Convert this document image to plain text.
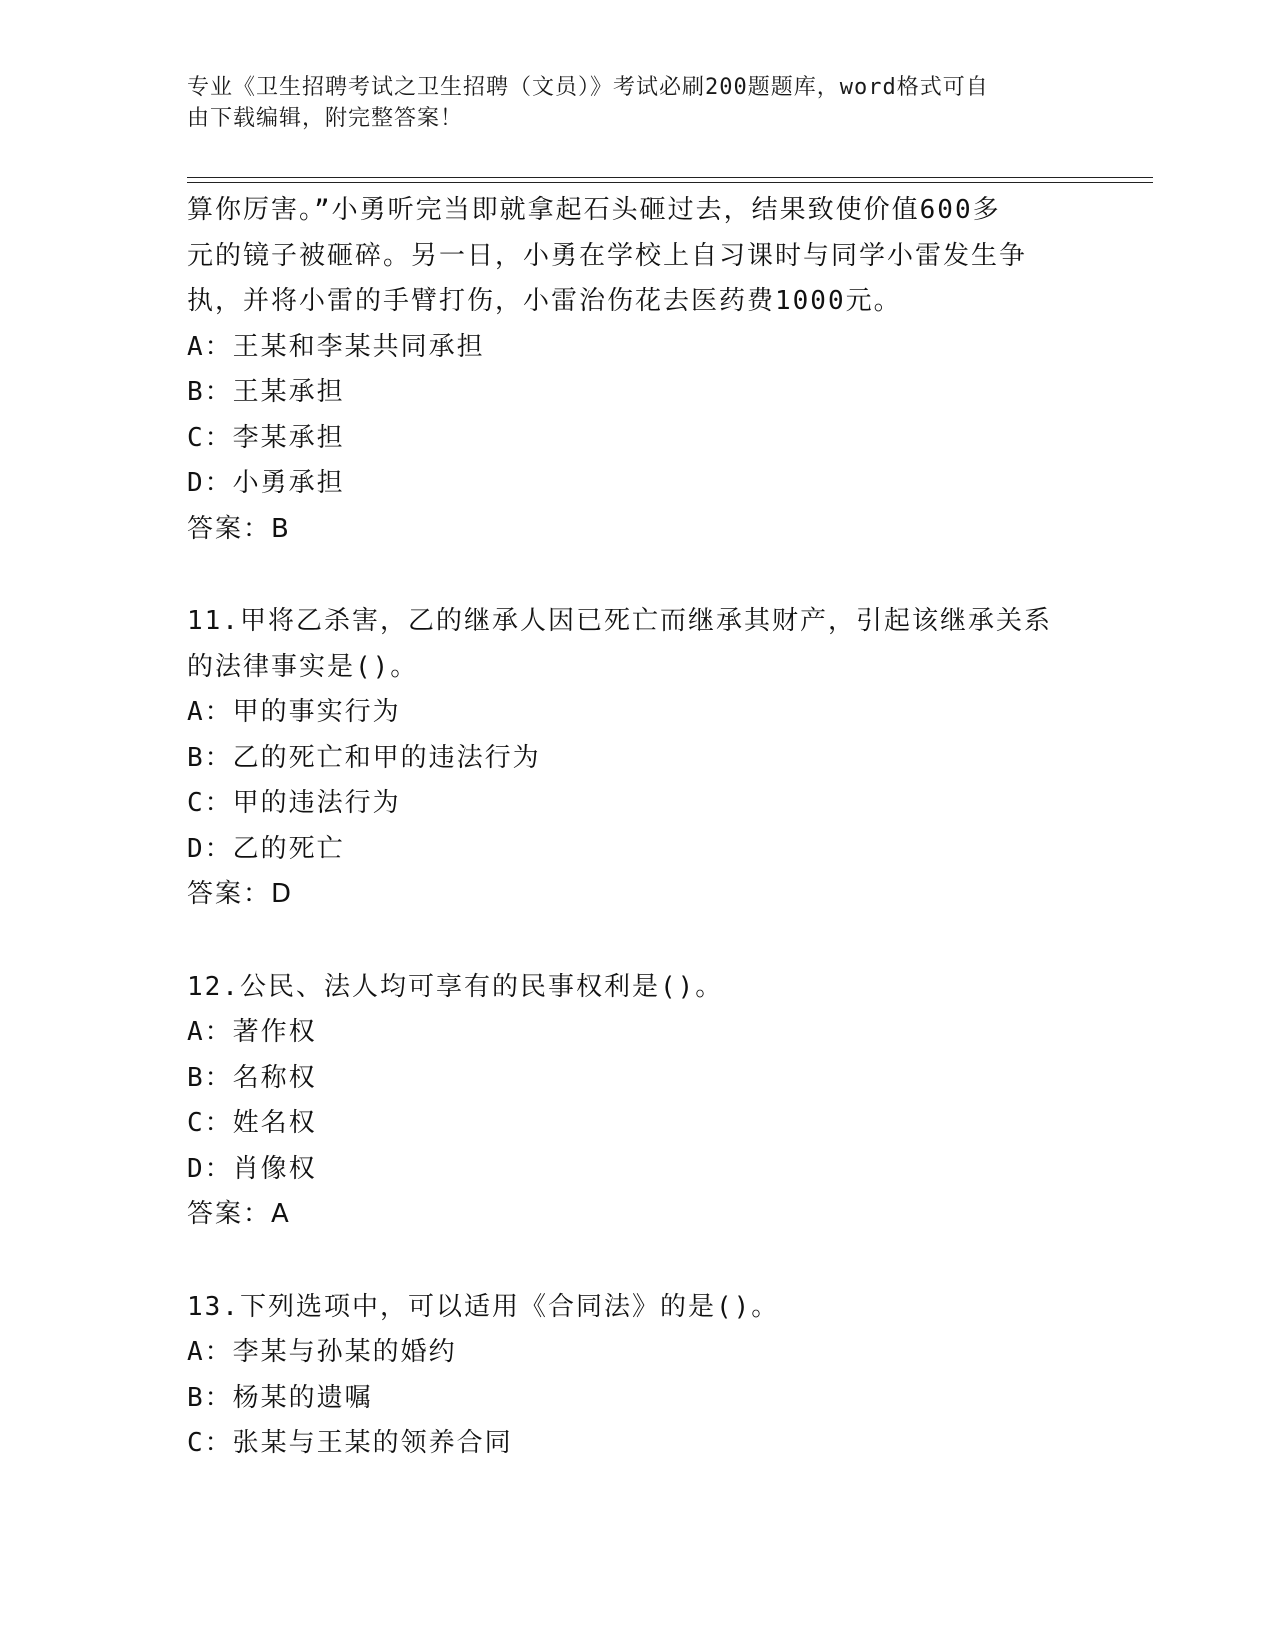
专业《卫生招聘考试之卫生招聘（文员）》考试必刷200题题库，word格式可自
由下载编辑，附完整答案！
算你厉害。”小勇听完当即就拿起石头砸过去，结果致使价值600多
元的镜子被砸碎。另一日，小勇在学校上自习课时与同学小雷发生争
执，并将小雷的手臂打伤，小雷治伤花去医药费1000元。
A：王某和李某共同承担
B：王某承担
C：李某承担
D：小勇承担
答案：B
11.甲将乙杀害，乙的继承人因已死亡而继承其财产，引起该继承关系
的法律事实是()。
A：甲的事实行为
B：乙的死亡和甲的违法行为
C：甲的违法行为
D：乙的死亡
答案：D
12.公民、法人均可享有的民事权利是()。
A：著作权
B：名称权
C：姓名权
D：肖像权
答案：A
13.下列选项中，可以适用《合同法》的是()。
A：李某与孙某的婚约
B：杨某的遗嘱
C：张某与王某的领养合同
